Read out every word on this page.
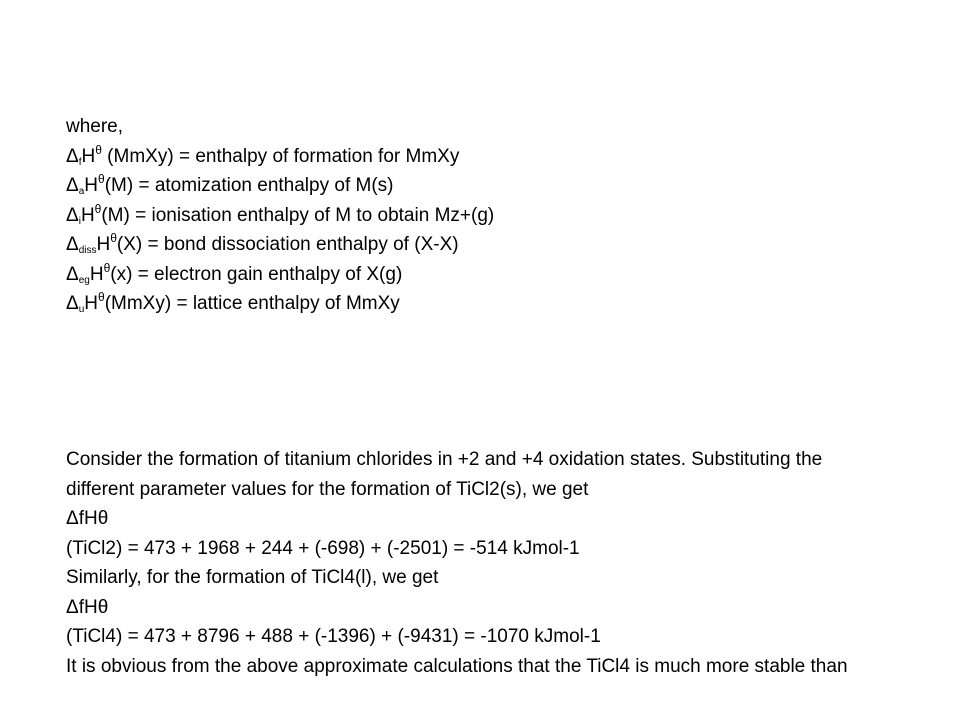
where,
$\Delta_fH^\theta$ (MmXy) = enthalpy of formation for MmXy
$\Delta_aH^\theta(M)$ = atomization enthalpy of M(s)
$\Delta_iH^\theta(M)$ = ionisation enthalpy of M to obtain Mz+(g)
$\Delta_{diss}H^\theta(X)$ = bond dissociation enthalpy of (X-X)
$\Delta_{eg}H^\theta(x)$ = electron gain enthalpy of X(g)
$\Delta_uH^\theta(MmXy)$ = lattice enthalpy of MmXy
Consider the formation of titanium chlorides in +2 and +4 oxidation states. Substituting the
different parameter values for the formation of TiCl2(s), we get
ΔfHθ
(TiCl2) = 473 + 1968 + 244 + (-698) + (-2501) = -514 kJmol-1
Similarly, for the formation of TiCl4(l), we get
ΔfHθ
(TiCl4) = 473 + 8796 + 488 + (-1396) + (-9431) = -1070 kJmol-1
It is obvious from the above approximate calculations that the TiCl4 is much more stable than
